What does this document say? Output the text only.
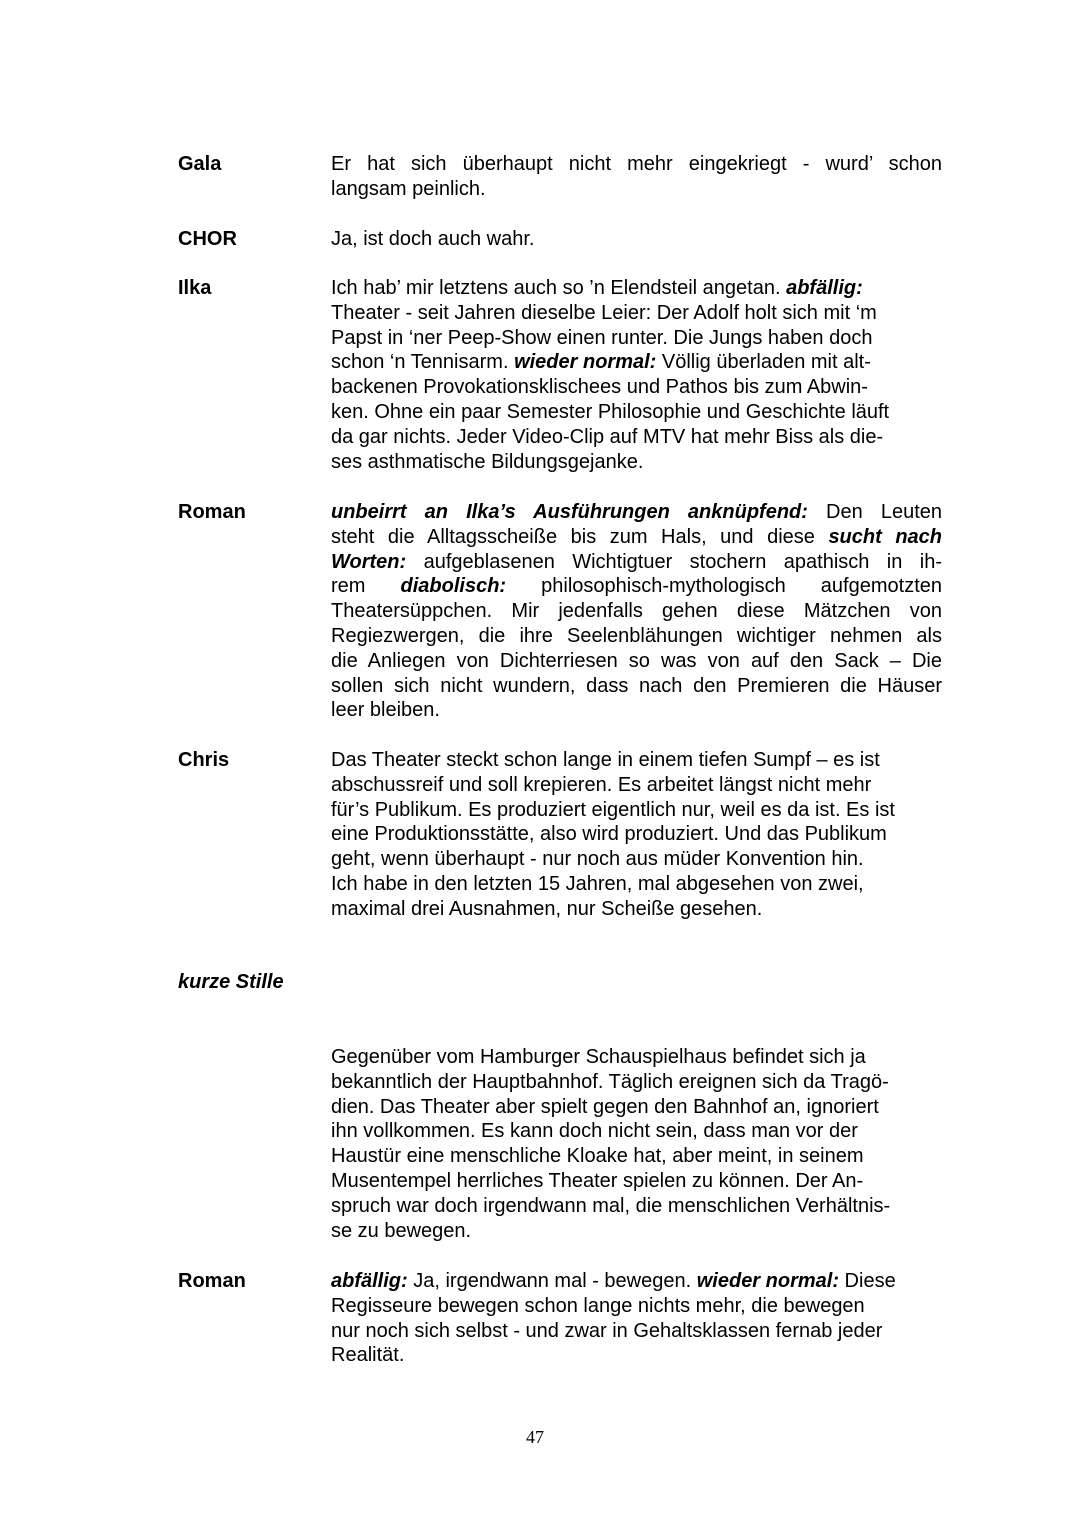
Gala	Er hat sich überhaupt nicht mehr eingekriegt - wurd’ schon
langsam peinlich.
CHOR	Ja, ist doch auch wahr.
Ilka	Ich hab’ mir letztens auch so ’n Elendsteil angetan. abfällig:
Theater - seit Jahren dieselbe Leier: Der Adolf holt sich mit ‘m
Papst in ‘ner Peep-Show einen runter. Die Jungs haben doch
schon ‘n Tennisarm. wieder normal: Völlig überladen mit alt-
backenen Provokationsklischees und Pathos bis zum Abwin-
ken. Ohne ein paar Semester Philosophie und Geschichte läuft
da gar nichts. Jeder Video-Clip auf MTV hat mehr Biss als die-
ses asthmatische Bildungsgejanke.
Roman	unbeirrt an Ilka’s Ausführungen anknüpfend: Den Leuten
steht die Alltagsscheiße bis zum Hals, und diese sucht nach
Worten: aufgeblasenen Wichtigtuer stochern apathisch in ih-
rem diabolisch: philosophisch-mythologisch aufgemotzten
Theatersüppchen. Mir jedenfalls gehen diese Mätzchen von
Regiezwergen, die ihre Seelenblähungen wichtiger nehmen als
die Anliegen von Dichterriesen so was von auf den Sack – Die
sollen sich nicht wundern, dass nach den Premieren die Häuser
leer bleiben.
Chris	Das Theater steckt schon lange in einem tiefen Sumpf – es ist
abschussreif und soll krepieren. Es arbeitet längst nicht mehr
für’s Publikum. Es produziert eigentlich nur, weil es da ist. Es ist
eine Produktionsstätte, also wird produziert. Und das Publikum
geht, wenn überhaupt - nur noch aus müder Konvention hin.
Ich habe in den letzten 15 Jahren, mal abgesehen von zwei,
maximal drei Ausnahmen, nur Scheiße gesehen.
kurze Stille
Gegenüber vom Hamburger Schauspielhaus befindet sich ja
bekanntlich der Hauptbahnhof. Täglich ereignen sich da Tragö-
dien. Das Theater aber spielt gegen den Bahnhof an, ignoriert
ihn vollkommen. Es kann doch nicht sein, dass man vor der
Haustür eine menschliche Kloake hat, aber meint, in seinem
Musentempel herrliches Theater spielen zu können. Der An-
spruch war doch irgendwann mal, die menschlichen Verhältnis-
se zu bewegen.
Roman	abfällig: Ja, irgendwann mal - bewegen. wieder normal: Diese
Regisseure bewegen schon lange nichts mehr, die bewegen
nur noch sich selbst - und zwar in Gehaltsklassen fernab jeder
Realität.
47
